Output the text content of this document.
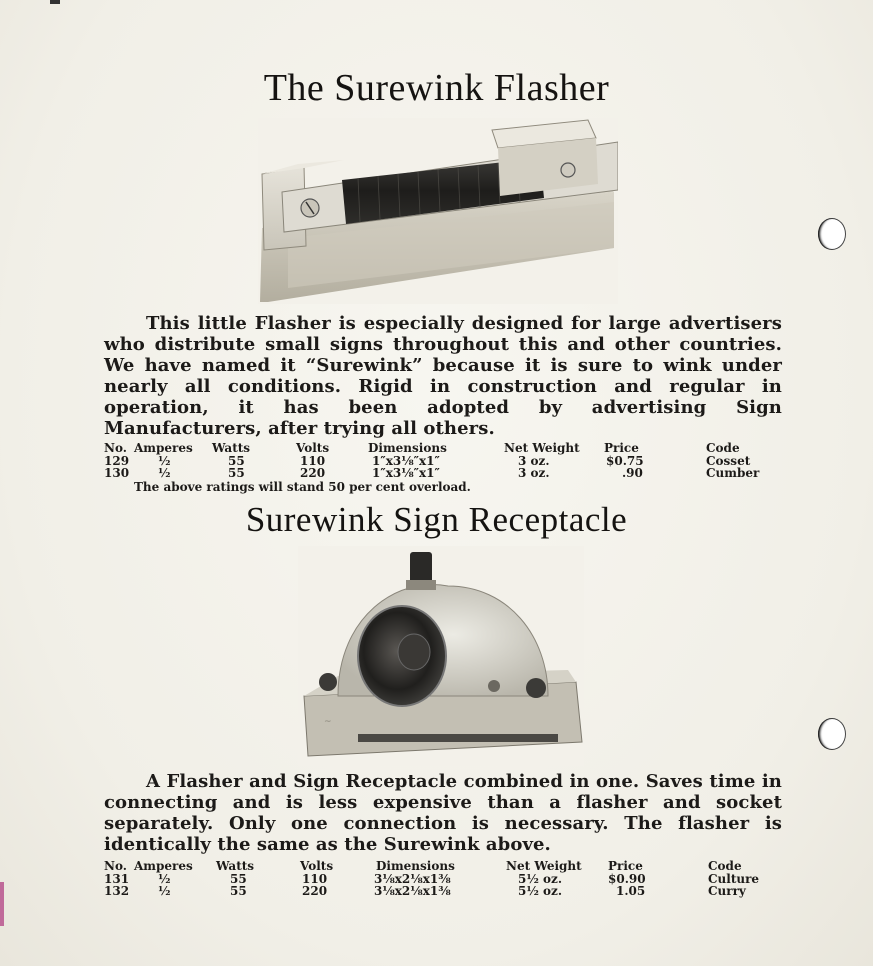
The Surewink Flasher
This little Flasher is especially designed for large advertisers who distribute small signs throughout this and other countries. We have named it “Surewink” because it is sure to wink under nearly all conditions. Rigid in construction and regular in operation, it has been adopted by advertising Sign Manufacturers, after trying all others.
No. Amperes Watts	Volts	Dimensions	Net Weight Price	Code
129 ½	55	110	1″x3⅛″x1″	3 oz.	$0.75	Cosset
130 ½	55	220	1″x3⅛″x1″	3 oz.	.90	Cumber
The above ratings will stand 50 per cent overload.
Surewink Sign Receptacle
~
A Flasher and Sign Receptacle combined in one. Saves time in connecting and is less expensive than a flasher and socket separately. Only one connection is necessary. The flasher is identically the same as the Surewink above.
No. Amperes Watts	Volts	Dimensions	Net Weight Price	Code
131 ½	55	110	3⅛x2⅛x1⅜	5½ oz.	$0.90	Culture
132 ½	55	220	3⅛x2⅛x1⅜	5½ oz.	1.05	Curry
